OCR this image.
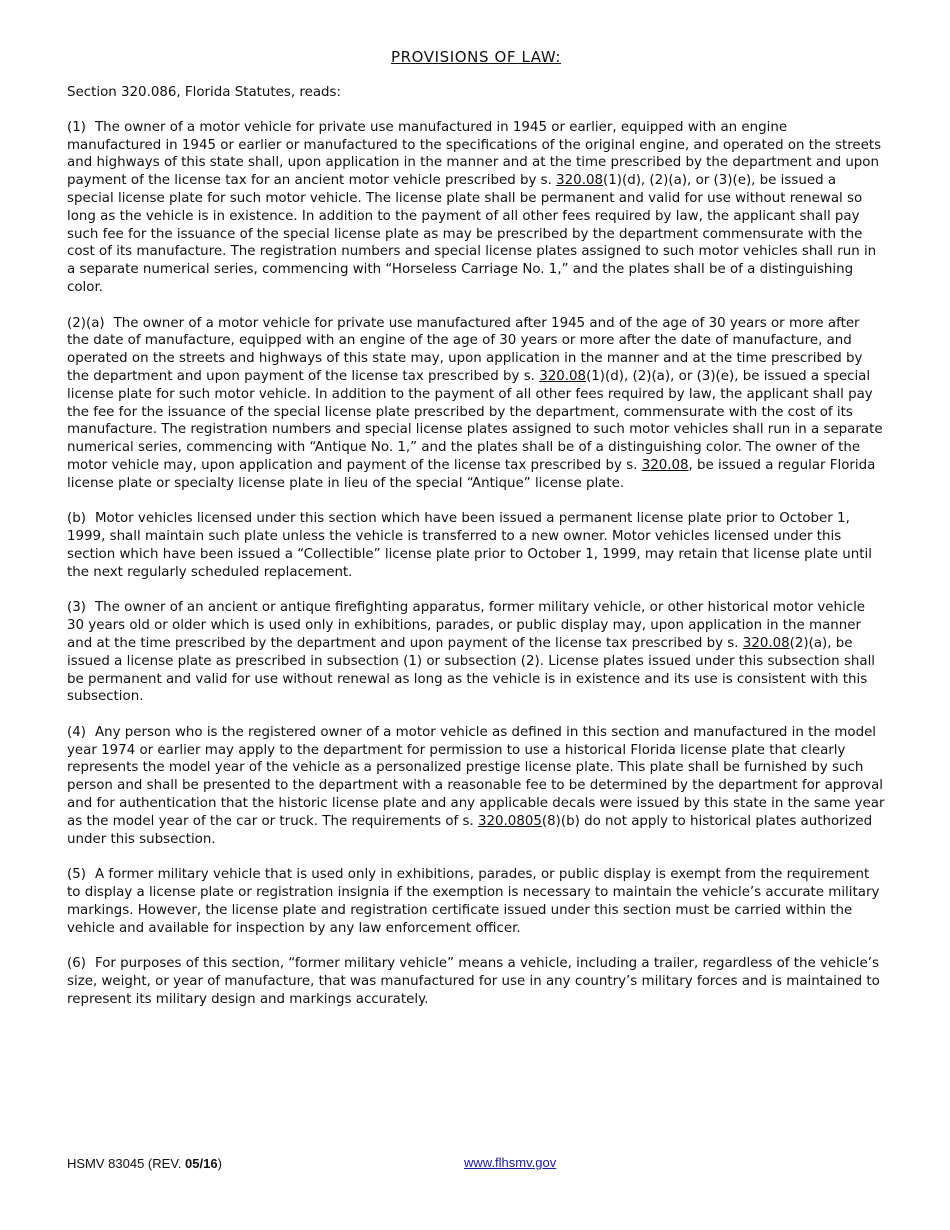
PROVISIONS OF LAW:

Section 320.086, Florida Statutes, reads:

(1) The owner of a motor vehicle for private use manufactured in 1945 or earlier, equipped with an engine manufactured in 1945 or earlier or manufactured to the specifications of the original engine, and operated on the streets and highways of this state shall, upon application in the manner and at the time prescribed by the department and upon payment of the license tax for an ancient motor vehicle prescribed by s. 320.08(1)(d), (2)(a), or (3)(e), be issued a special license plate for such motor vehicle. The license plate shall be permanent and valid for use without renewal so long as the vehicle is in existence. In addition to the payment of all other fees required by law, the applicant shall pay such fee for the issuance of the special license plate as may be prescribed by the department commensurate with the cost of its manufacture. The registration numbers and special license plates assigned to such motor vehicles shall run in a separate numerical series, commencing with “Horseless Carriage No. 1,” and the plates shall be of a distinguishing color.

(2)(a) The owner of a motor vehicle for private use manufactured after 1945 and of the age of 30 years or more after the date of manufacture, equipped with an engine of the age of 30 years or more after the date of manufacture, and operated on the streets and highways of this state may, upon application in the manner and at the time prescribed by the department and upon payment of the license tax prescribed by s. 320.08(1)(d), (2)(a), or (3)(e), be issued a special license plate for such motor vehicle. In addition to the payment of all other fees required by law, the applicant shall pay the fee for the issuance of the special license plate prescribed by the department, commensurate with the cost of its manufacture. The registration numbers and special license plates assigned to such motor vehicles shall run in a separate numerical series, commencing with “Antique No. 1,” and the plates shall be of a distinguishing color. The owner of the motor vehicle may, upon application and payment of the license tax prescribed by s. 320.08, be issued a regular Florida license plate or specialty license plate in lieu of the special “Antique” license plate.

(b) Motor vehicles licensed under this section which have been issued a permanent license plate prior to October 1, 1999, shall maintain such plate unless the vehicle is transferred to a new owner. Motor vehicles licensed under this section which have been issued a “Collectible” license plate prior to October 1, 1999, may retain that license plate until the next regularly scheduled replacement.

(3) The owner of an ancient or antique firefighting apparatus, former military vehicle, or other historical motor vehicle 30 years old or older which is used only in exhibitions, parades, or public display may, upon application in the manner and at the time prescribed by the department and upon payment of the license tax prescribed by s. 320.08(2)(a), be issued a license plate as prescribed in subsection (1) or subsection (2). License plates issued under this subsection shall be permanent and valid for use without renewal as long as the vehicle is in existence and its use is consistent with this subsection.

(4) Any person who is the registered owner of a motor vehicle as defined in this section and manufactured in the model year 1974 or earlier may apply to the department for permission to use a historical Florida license plate that clearly represents the model year of the vehicle as a personalized prestige license plate. This plate shall be furnished by such person and shall be presented to the department with a reasonable fee to be determined by the department for approval and for authentication that the historic license plate and any applicable decals were issued by this state in the same year as the model year of the car or truck. The requirements of s. 320.0805(8)(b) do not apply to historical plates authorized under this subsection.

(5) A former military vehicle that is used only in exhibitions, parades, or public display is exempt from the requirement to display a license plate or registration insignia if the exemption is necessary to maintain the vehicle’s accurate military markings. However, the license plate and registration certificate issued under this section must be carried within the vehicle and available for inspection by any law enforcement officer.

(6) For purposes of this section, “former military vehicle” means a vehicle, including a trailer, regardless of the vehicle’s size, weight, or year of manufacture, that was manufactured for use in any country’s military forces and is maintained to represent its military design and markings accurately.

HSMV 83045 (REV. 05/16)	www.flhsmv.gov
